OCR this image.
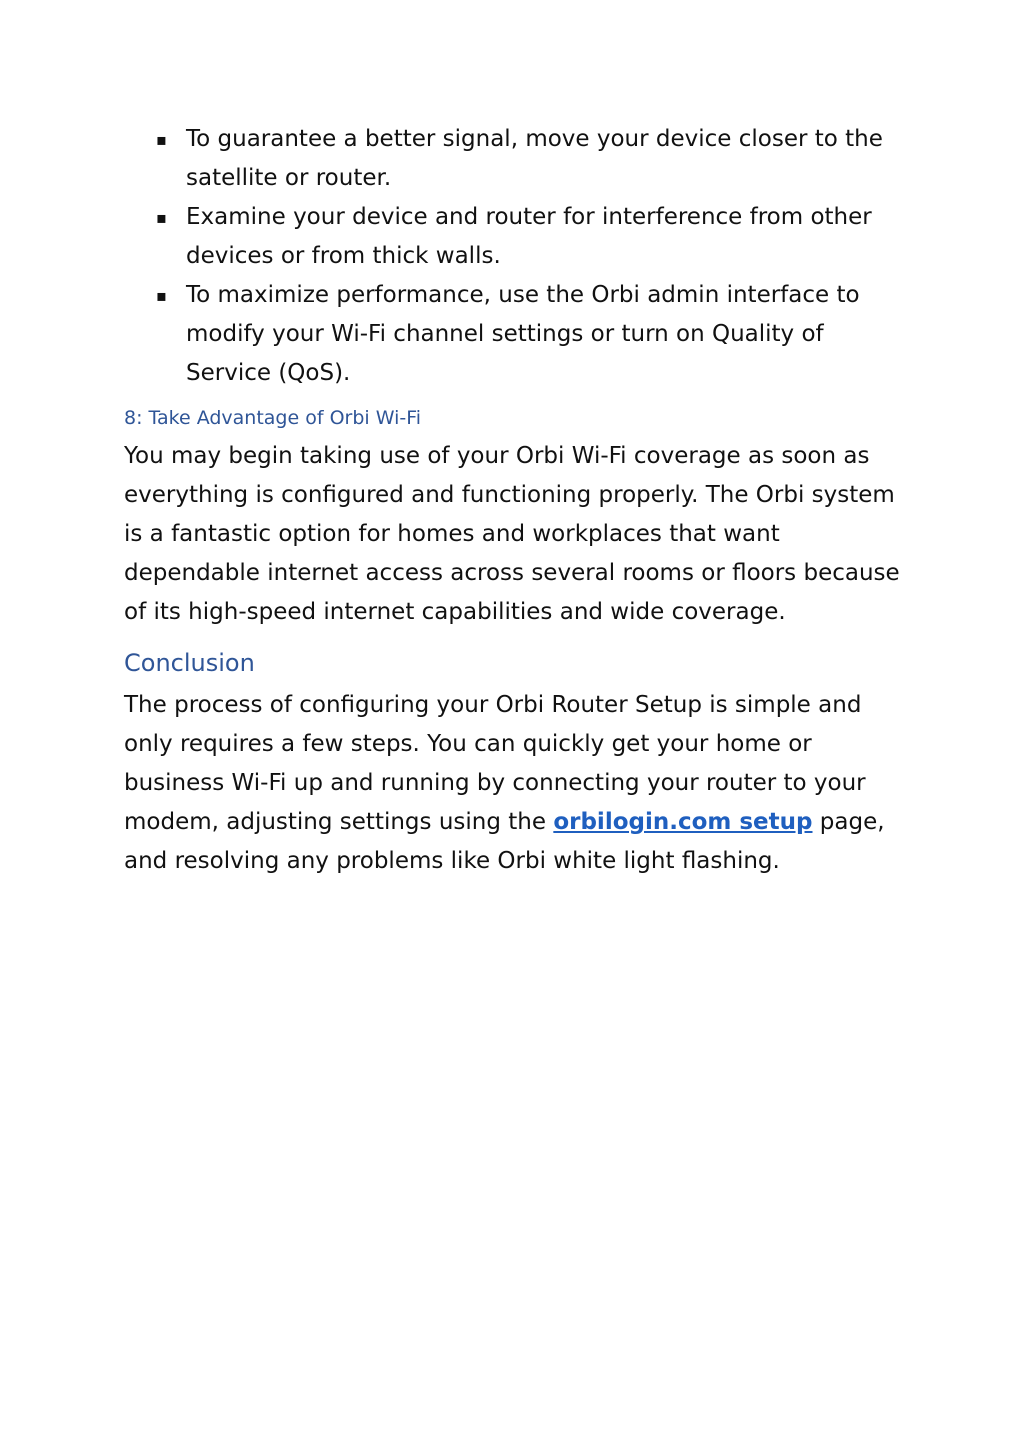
▪ To guarantee a better signal, move your device closer to the satellite or router.
▪ Examine your device and router for interference from other devices or from thick walls.
▪ To maximize performance, use the Orbi admin interface to modify your Wi-Fi channel settings or turn on Quality of Service (QoS).
8: Take Advantage of Orbi Wi-Fi

You may begin taking use of your Orbi Wi-Fi coverage as soon as everything is configured and functioning properly. The Orbi system is a fantastic option for homes and workplaces that want dependable internet access across several rooms or floors because of its high-speed internet capabilities and wide coverage.

Conclusion

The process of configuring your Orbi Router Setup is simple and only requires a few steps. You can quickly get your home or business Wi-Fi up and running by connecting your router to your modem, adjusting settings using the orbilogin.com setup page, and resolving any problems like Orbi white light flashing.
